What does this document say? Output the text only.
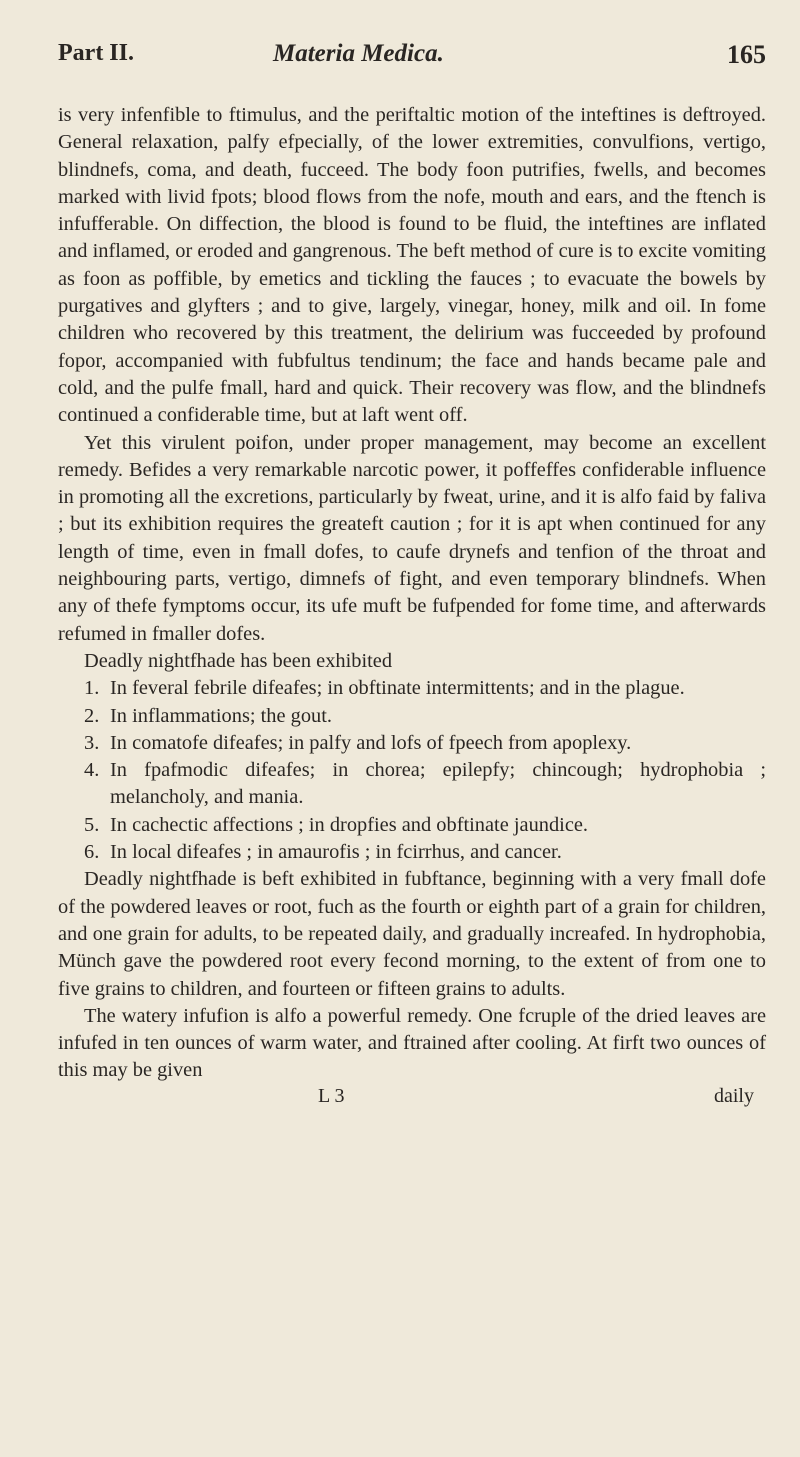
Part II.	Materia Medica.	165

is very infenfible to ftimulus, and the periftaltic motion of the inteftines is deftroyed. General relaxation, palfy efpecially, of the lower extremities, convulfions, vertigo, blindnefs, coma, and death, fucceed. The body foon putrifies, fwells, and becomes marked with livid fpots; blood flows from the nofe, mouth and ears, and the ftench is infufferable. On diffection, the blood is found to be fluid, the inteftines are inflated and inflamed, or eroded and gangrenous. The beft method of cure is to excite vomiting as foon as poffible, by emetics and tickling the fauces ; to evacuate the bowels by purgatives and glyfters ; and to give, largely, vinegar, honey, milk and oil. In fome children who recovered by this treatment, the delirium was fucceeded by profound fopor, accompanied with fubfultus tendinum; the face and hands became pale and cold, and the pulfe fmall, hard and quick. Their recovery was flow, and the blindnefs continued a confiderable time, but at laft went off.

Yet this virulent poifon, under proper management, may become an excellent remedy. Befides a very remarkable narcotic power, it poffeffes confiderable influence in promoting all the excretions, particularly by fweat, urine, and it is alfo faid by faliva ; but its exhibition requires the greateft caution ; for it is apt when continued for any length of time, even in fmall dofes, to caufe drynefs and tenfion of the throat and neighbouring parts, vertigo, dimnefs of fight, and even temporary blindnefs. When any of thefe fymptoms occur, its ufe muft be fufpended for fome time, and afterwards refumed in fmaller dofes.

Deadly nightfhade has been exhibited

1. In feveral febrile difeafes; in obftinate intermittents; and in the plague.
2. In inflammations; the gout.
3. In comatofe difeafes; in palfy and lofs of fpeech from apoplexy.
4. In fpafmodic difeafes; in chorea; epilepfy; chincough; hydrophobia ; melancholy, and mania.
5. In cachectic affections ; in dropfies and obftinate jaundice.
6. In local difeafes ; in amaurofis ; in fcirrhus, and cancer.

Deadly nightfhade is beft exhibited in fubftance, beginning with a very fmall dofe of the powdered leaves or root, fuch as the fourth or eighth part of a grain for children, and one grain for adults, to be repeated daily, and gradually increafed. In hydrophobia, Münch gave the powdered root every fecond morning, to the extent of from one to five grains to children, and fourteen or fifteen grains to adults.

The watery infufion is alfo a powerful remedy. One fcruple of the dried leaves are infufed in ten ounces of warm water, and ftrained after cooling. At firft two ounces of this may be given

L 3	daily
